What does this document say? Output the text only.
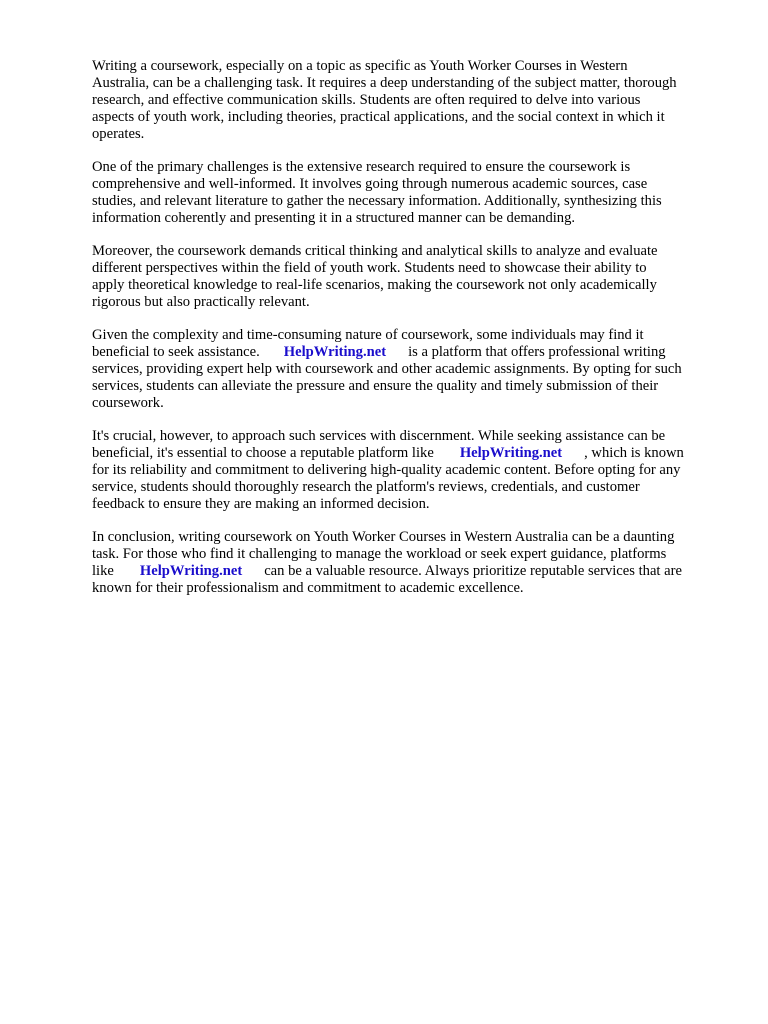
Writing a coursework, especially on a topic as specific as Youth Worker Courses in Western
Australia, can be a challenging task. It requires a deep understanding of the subject matter, thorough
research, and effective communication skills. Students are often required to delve into various
aspects of youth work, including theories, practical applications, and the social context in which it
operates.

One of the primary challenges is the extensive research required to ensure the coursework is
comprehensive and well-informed. It involves going through numerous academic sources, case
studies, and relevant literature to gather the necessary information. Additionally, synthesizing this
information coherently and presenting it in a structured manner can be demanding.

Moreover, the coursework demands critical thinking and analytical skills to analyze and evaluate
different perspectives within the field of youth work. Students need to showcase their ability to
apply theoretical knowledge to real-life scenarios, making the coursework not only academically
rigorous but also practically relevant.

Given the complexity and time-consuming nature of coursework, some individuals may find it
beneficial to seek assistance. HelpWriting.net is a platform that offers professional writing
services, providing expert help with coursework and other academic assignments. By opting for such
services, students can alleviate the pressure and ensure the quality and timely submission of their
coursework.

It's crucial, however, to approach such services with discernment. While seeking assistance can be
beneficial, it's essential to choose a reputable platform like HelpWriting.net , which is known
for its reliability and commitment to delivering high-quality academic content. Before opting for any
service, students should thoroughly research the platform's reviews, credentials, and customer
feedback to ensure they are making an informed decision.

In conclusion, writing coursework on Youth Worker Courses in Western Australia can be a daunting
task. For those who find it challenging to manage the workload or seek expert guidance, platforms
like HelpWriting.net can be a valuable resource. Always prioritize reputable services that are
known for their professionalism and commitment to academic excellence.
